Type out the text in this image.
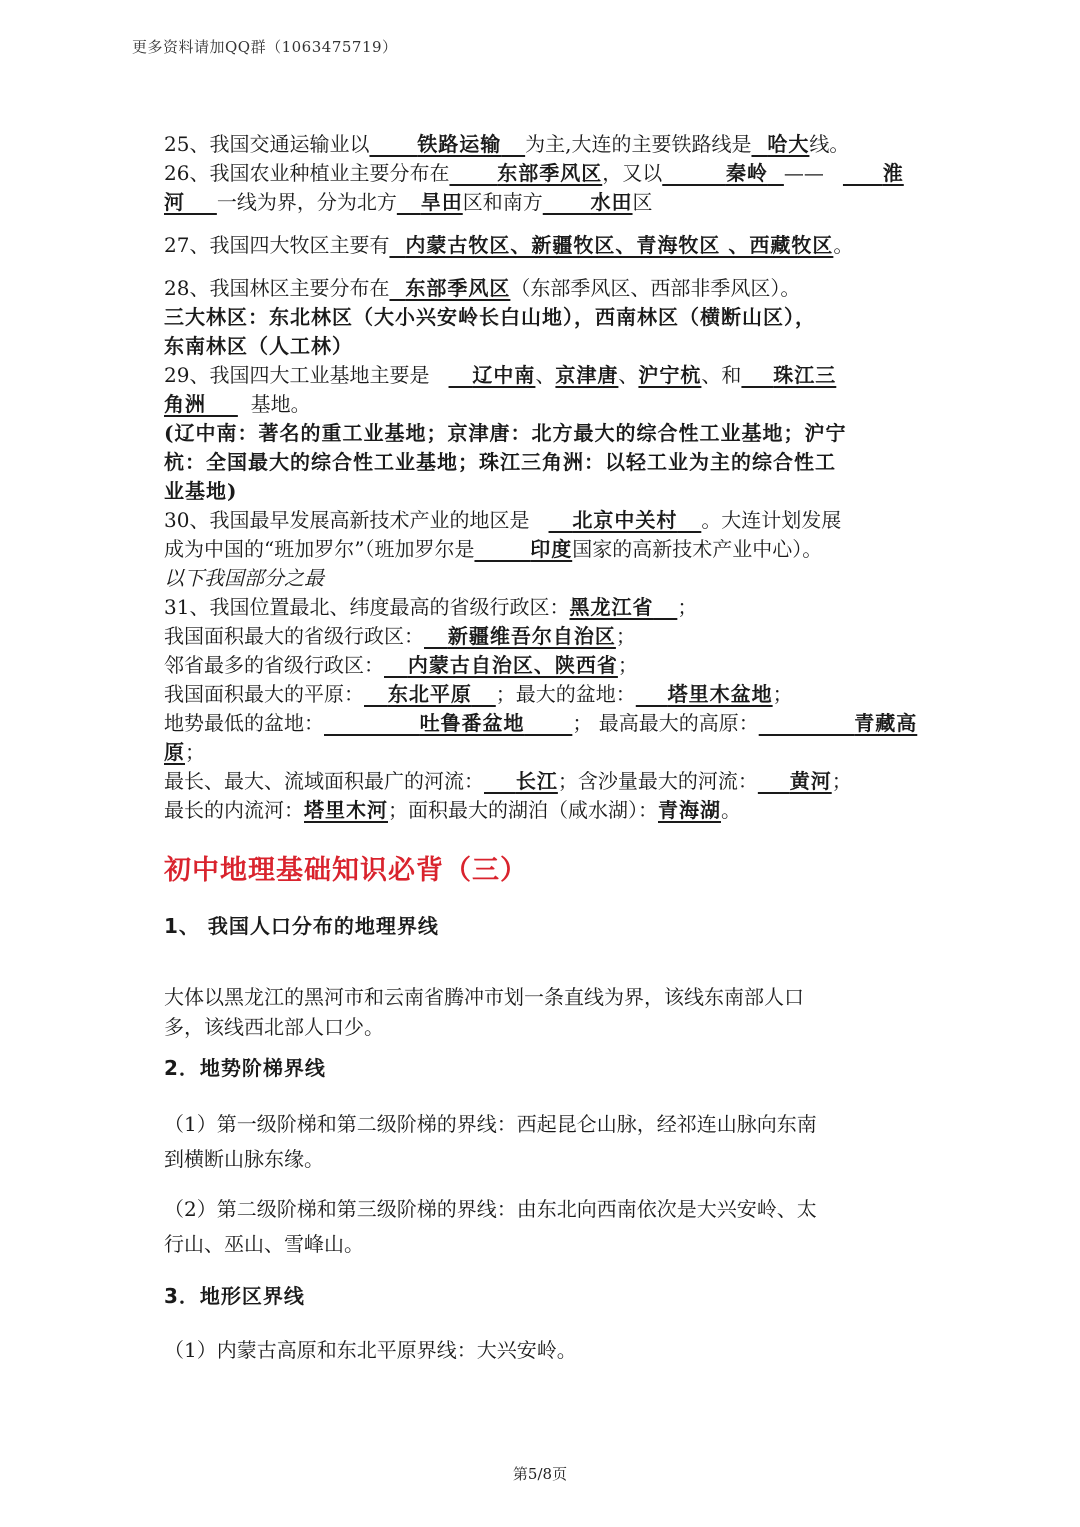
更多资料请加QQ群（1063475719）
25、我国交通运输业以 铁路运输 为主,大连的主要铁路线是 哈大线。
26、我国农业种植业主要分布在 东部季风区，又以	秦岭 ——	淮
河 一线为界，分为北方 旱田区和南方 水田区
27、我国四大牧区主要有 内蒙古牧区、新疆牧区、青海牧区 、西藏牧区。
28、我国林区主要分布在 东部季风区（东部季风区、西部非季风区）。
三大林区：东北林区（大小兴安岭长白山地），西南林区（横断山区），
东南林区（人工林）
29、我国四大工业基地主要是 辽中南、京津唐、沪宁杭、和 珠江三
角洲 基地。
(辽中南：著名的重工业基地；京津唐：北方最大的综合性工业基地；沪宁
杭：全国最大的综合性工业基地；珠江三角洲：以轻工业为主的综合性工
业基地)
30、我国最早发展高新技术产业的地区是 北京中关村 。大连计划发展
成为中国的“班加罗尔”（班加罗尔是	印度国家的高新技术产业中心）。
以下我国部分之最
31、我国位置最北、纬度最高的省级行政区：黑龙江省 ；
我国面积最大的省级行政区： 新疆维吾尔自治区；
邻省最多的省级行政区： 内蒙古自治区、陕西省；
我国面积最大的平原： 东北平原 ；最大的盆地： 塔里木盆地；
地势最低的盆地：	吐鲁番盆地 ； 最高最大的高原：	青藏高
原；
最长、最大、流域面积最广的河流： 长江；含沙量最大的河流： 黄河；
最长的内流河：塔里木河；面积最大的湖泊（咸水湖）：青海湖。
初中地理基础知识必背（三）
1、 我国人口分布的地理界线
大体以黑龙江的黑河市和云南省腾冲市划一条直线为界，该线东南部人口
多，该线西北部人口少。
2．地势阶梯界线
（1）第一级阶梯和第二级阶梯的界线：西起昆仑山脉，经祁连山脉向东南
到横断山脉东缘。
（2）第二级阶梯和第三级阶梯的界线：由东北向西南依次是大兴安岭、太
行山、巫山、雪峰山。
3．地形区界线
（1）内蒙古高原和东北平原界线：大兴安岭。
第5/8页
